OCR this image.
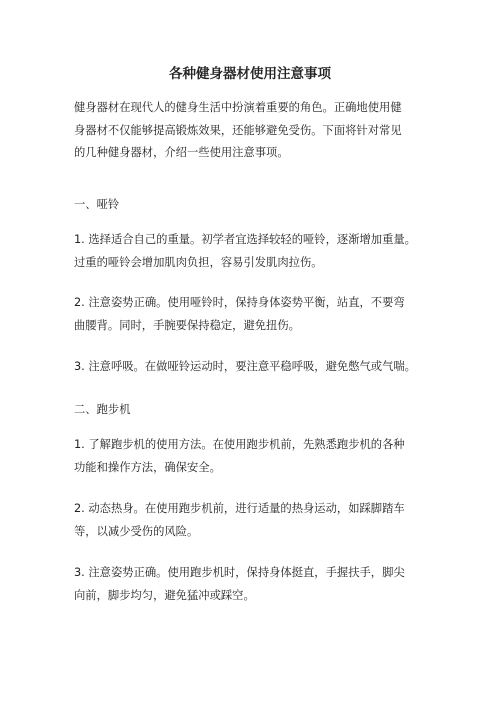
各种健身器材使用注意事项

健身器材在现代人的健身生活中扮演着重要的角色。正确地使用健
身器材不仅能够提高锻炼效果，还能够避免受伤。下面将针对常见
的几种健身器材，介绍一些使用注意事项。

一、哑铃

1. 选择适合自己的重量。初学者宜选择较轻的哑铃，逐渐增加重量。
过重的哑铃会增加肌肉负担，容易引发肌肉拉伤。

2. 注意姿势正确。使用哑铃时，保持身体姿势平衡，站直，不要弯
曲腰背。同时，手腕要保持稳定，避免扭伤。

3. 注意呼吸。在做哑铃运动时，要注意平稳呼吸，避免憋气或气喘。

二、跑步机

1. 了解跑步机的使用方法。在使用跑步机前，先熟悉跑步机的各种
功能和操作方法，确保安全。

2. 动态热身。在使用跑步机前，进行适量的热身运动，如踩脚踏车
等，以减少受伤的风险。

3. 注意姿势正确。使用跑步机时，保持身体挺直，手握扶手，脚尖
向前，脚步均匀，避免猛冲或踩空。
